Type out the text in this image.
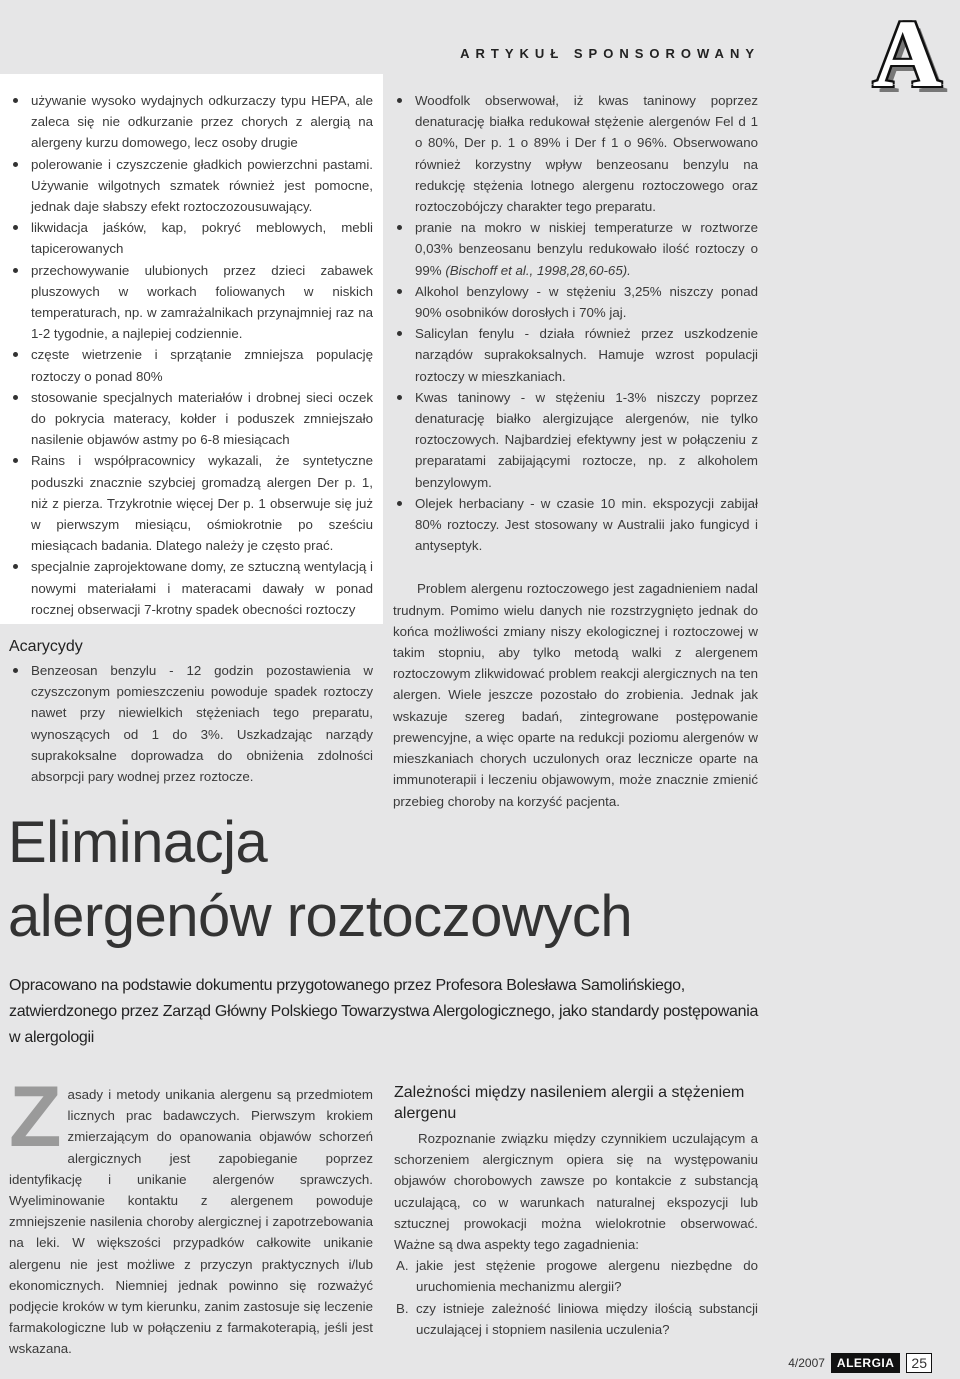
ARTYKUŁ SPONSOROWANY A
używanie wysoko wydajnych odkurzaczy typu HEPA, ale zaleca się nie odkurzanie przez chorych z alergią na alergeny kurzu domowego, lecz osoby drugie
polerowanie i czyszczenie gładkich powierzchni pastami. Używanie wilgotnych szmatek również jest pomocne, jednak daje słabszy efekt roztoczozousuwający.
likwidacja jaśków, kap, pokryć meblowych, mebli tapicerowanych
przechowywanie ulubionych przez dzieci zabawek pluszowych w workach foliowanych w niskich temperaturach, np. w zamrażalnikach przynajmniej raz na 1-2 tygodnie, a najlepiej codziennie.
częste wietrzenie i sprzątanie zmniejsza populację roztoczy o ponad 80%
stosowanie specjalnych materiałów i drobnej sieci oczek do pokrycia materacy, kołder i poduszek zmniejszało nasilenie objawów astmy po 6-8 miesiącach
Rains i współpracownicy wykazali, że syntetyczne poduszki znacznie szybciej gromadzą alergen Der p. 1, niż z pierza. Trzykrotnie więcej Der p. 1 obserwuje się już w pierwszym miesiącu, ośmiokrotnie po sześciu miesiącach badania. Dlatego należy je często prać.
specjalnie zaprojektowane domy, ze sztuczną wentylacją i nowymi materiałami i materacami dawały w ponad rocznej obserwacji 7-krotny spadek obecności roztoczy
Acarycydy
Benzeosan benzylu - 12 godzin pozostawienia w czyszczonym pomieszczeniu powoduje spadek roztoczy nawet przy niewielkich stężeniach tego preparatu, wynoszących od 1 do 3%. Uszkadzając narządy suprakoksalne doprowadza do obniżenia zdolności absorpcji pary wodnej przez roztocze.
Woodfolk obserwował, iż kwas taninowy poprzez denaturację białka redukował stężenie alergenów Fel d 1 o 80%, Der p. 1 o 89% i Der f 1 o 96%. Obserwowano również korzystny wpływ benzeosanu benzylu na redukcję stężenia lotnego alergenu roztoczowego oraz roztoczobójczy charakter tego preparatu.
pranie na mokro w niskiej temperaturze w roztworze 0,03% benzeosanu benzylu redukowało ilość roztoczy o 99% (Bischoff et al., 1998,28,60-65).
Alkohol benzylowy - w stężeniu 3,25% niszczy ponad 90% osobników dorosłych i 70% jaj.
Salicylan fenylu - działa również przez uszkodzenie narządów suprakoksalnych. Hamuje wzrost populacji roztoczy w mieszkaniach.
Kwas taninowy - w stężeniu 1-3% niszczy poprzez denaturację białko alergizujące alergenów, nie tylko roztoczowych. Najbardziej efektywny jest w połączeniu z preparatami zabijającymi roztocze, np. z alkoholem benzylowym.
Olejek herbaciany - w czasie 10 min. ekspozycji zabijał 80% roztoczy. Jest stosowany w Australii jako fungicyd i antyseptyk.

Problem alergenu roztoczowego jest zagadnieniem nadal trudnym. Pomimo wielu danych nie rozstrzygnięto jednak do końca możliwości zmiany niszy ekologicznej i roztoczowej w takim stopniu, aby tylko metodą walki z alergenem roztoczowym zlikwidować problem reakcji alergicznych na ten alergen. Wiele jeszcze pozostało do zrobienia. Jednak jak wskazuje szereg badań, zintegrowane postępowanie prewencyjne, a więc oparte na redukcji poziomu alergenów w mieszkaniach chorych uczulonych oraz lecznicze oparte na immunoterapii i leczeniu objawowym, może znacznie zmienić przebieg choroby na korzyść pacjenta.

Eliminacja
alergenów roztoczowych
Opracowano na podstawie dokumentu przygotowanego przez Profesora Bolesława Samolińskiego, zatwierdzonego przez Zarząd Główny Polskiego Towarzystwa Alergologicznego, jako standardy postępowania w alergologii

Zasady i metody unikania alergenu są przedmiotem licznych prac badawczych. Pierwszym krokiem zmierzającym do opanowania objawów schorzeń alergicznych jest zapobieganie poprzez identyfikację i unikanie alergenów sprawczych. Wyeliminowanie kontaktu z alergenem powoduje zmniejszenie nasilenia choroby alergicznej i zapotrzebowania na leki. W większości przypadków całkowite unikanie alergenu nie jest możliwe z przyczyn praktycznych i/lub ekonomicznych. Niemniej jednak powinno się rozważyć podjęcie kroków w tym kierunku, zanim zastosuje się leczenie farmakologiczne lub w połączeniu z farmakoterapią, jeśli jest wskazana.

Zależności między nasileniem alergii a stężeniem alergenu

Rozpoznanie związku między czynnikiem uczulającym a schorzeniem alergicznym opiera się na występowaniu objawów chorobowych zawsze po kontakcie z substancją uczulającą, co w warunkach naturalnej ekspozycji lub sztucznej prowokacji można wielokrotnie obserwować. Ważne są dwa aspekty tego zagadnienia:

A. jakie jest stężenie progowe alergenu niezbędne do uruchomienia mechanizmu alergii?
B. czy istnieje zależność liniowa między ilością substancji uczulającej i stopniem nasilenia uczulenia?
4/2007	ALERGIA	25
